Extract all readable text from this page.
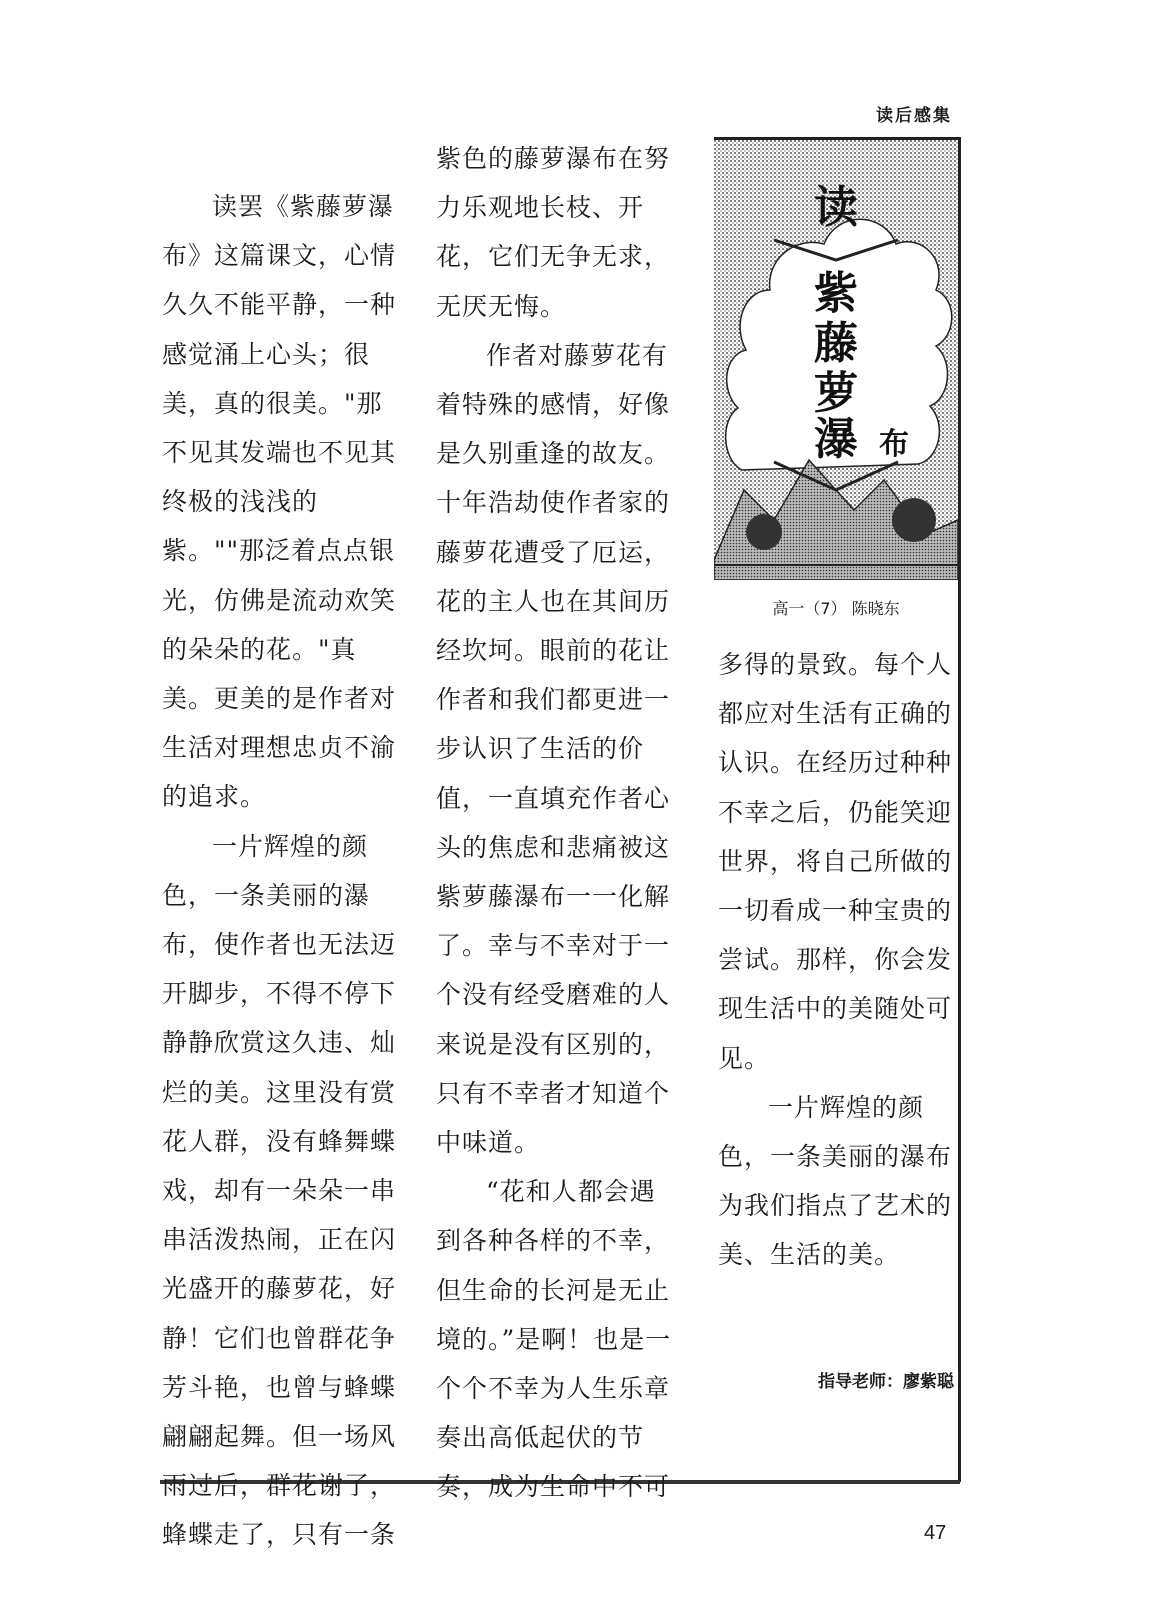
读后感集
读
紫
藤
萝
瀑 布
高一（7） 陈晓东

读罢《紫藤萝瀑布》这篇课文，心情久久不能平静，一种感觉涌上心头；很美，真的很美。"那不见其发端也不见其终极的浅浅的紫。""那泛着点点银光，仿佛是流动欢笑的朵朵的花。"真美。更美的是作者对生活对理想忠贞不渝的追求。

一片辉煌的颜色，一条美丽的瀑布，使作者也无法迈开脚步，不得不停下静静欣赏这久违、灿烂的美。这里没有赏花人群，没有蜂舞蝶戏，却有一朵朵一串串活泼热闹，正在闪光盛开的藤萝花，好静！它们也曾群花争芳斗艳，也曾与蜂蝶翩翩起舞。但一场风雨过后，群花谢了，蜂蝶走了，只有一条

紫色的藤萝瀑布在努力乐观地长枝、开花，它们无争无求，无厌无悔。

作者对藤萝花有着特殊的感情，好像是久别重逢的故友。十年浩劫使作者家的藤萝花遭受了厄运，花的主人也在其间历经坎坷。眼前的花让作者和我们都更进一步认识了生活的价值，一直填充作者心头的焦虑和悲痛被这紫萝藤瀑布一一化解了。幸与不幸对于一个没有经受磨难的人来说是没有区别的，只有不幸者才知道个中味道。

“花和人都会遇到各种各样的不幸，但生命的长河是无止境的。”是啊！也是一个个不幸为人生乐章奏出高低起伏的节奏，成为生命中不可

多得的景致。每个人都应对生活有正确的认识。在经历过种种不幸之后，仍能笑迎世界，将自己所做的一切看成一种宝贵的尝试。那样，你会发现生活中的美随处可见。

一片辉煌的颜色，一条美丽的瀑布为我们指点了艺术的美、生活的美。

指导老师：廖紫聪
47
